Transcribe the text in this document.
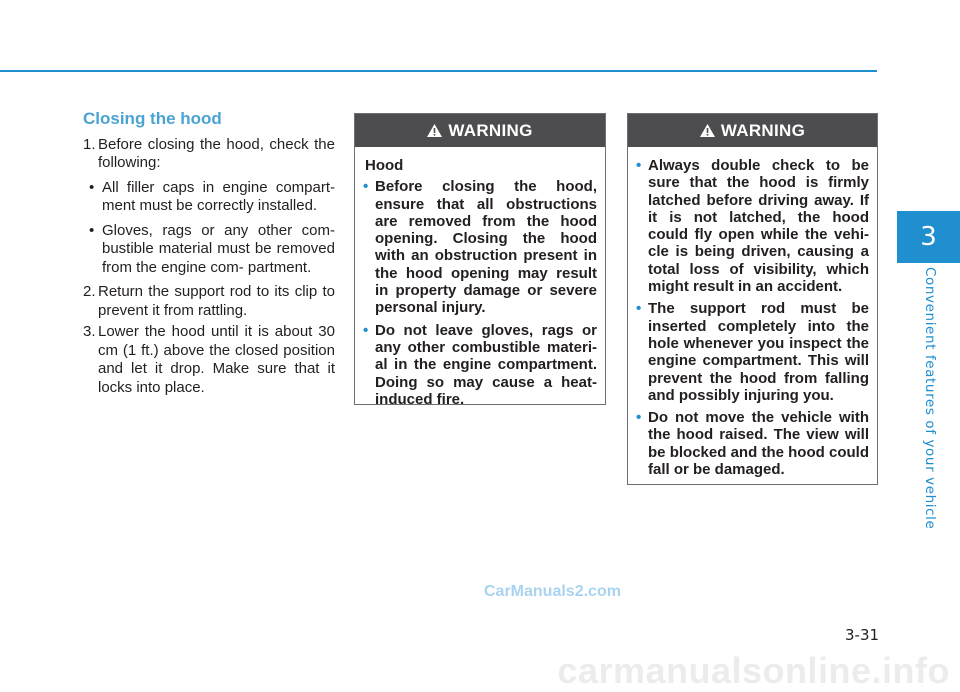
3
Convenient features of your vehicle
Closing the hood
1. Before closing the hood, check the following:
• All filler caps in engine compart- ment must be correctly installed.
• Gloves, rags or any other com- bustible material must be removed from the engine com- partment.
2. Return the support rod to its clip to prevent it from rattling.
3. Lower the hood until it is about 30 cm (1 ft.) above the closed position and let it drop. Make sure that it locks into place.
WARNING
Hood
• Before closing the hood, ensure that all obstructions are removed from the hood opening. Closing the hood with an obstruction present in the hood opening may result in property damage or severe personal injury.
• Do not leave gloves, rags or any other combustible materi- al in the engine compartment. Doing so may cause a heat- induced fire.
WARNING
• Always double check to be sure that the hood is firmly latched before driving away. If it is not latched, the hood could fly open while the vehi- cle is being driven, causing a total loss of visibility, which might result in an accident.
• The support rod must be inserted completely into the hole whenever you inspect the engine compartment. This will prevent the hood from falling and possibly injuring you.
• Do not move the vehicle with the hood raised. The view will be blocked and the hood could fall or be damaged.
CarManuals2.com
3-31
carmanualsonline.info
